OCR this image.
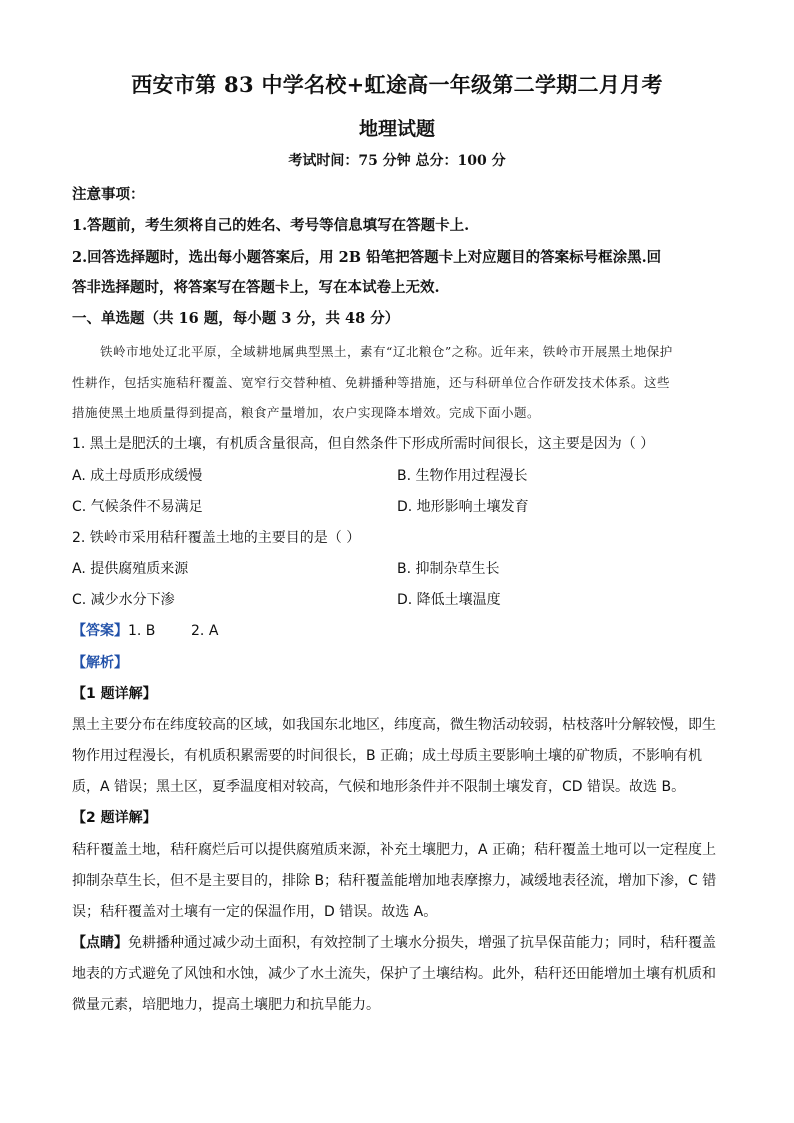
西安市第 83 中学名校+虹途高一年级第二学期二月月考
地理试题
考试时间：75 分钟 总分：100 分
注意事项：
1.答题前，考生须将自己的姓名、考号等信息填写在答题卡上.
2.回答选择题时，选出每小题答案后，用 2B 铅笔把答题卡上对应题目的答案标号框涂黑.回
答非选择题时，将答案写在答题卡上，写在本试卷上无效.
一、单选题（共 16 题，每小题 3 分，共 48 分）
铁岭市地处辽北平原，全域耕地属典型黑土，素有“辽北粮仓”之称。近年来，铁岭市开展黑土地保护
性耕作，包括实施秸秆覆盖、宽窄行交替种植、免耕播种等措施，还与科研单位合作研发技术体系。这些
措施使黑土地质量得到提高，粮食产量增加，农户实现降本增效。完成下面小题。
1. 黑土是肥沃的土壤，有机质含量很高，但自然条件下形成所需时间很长，这主要是因为（ ）
A. 成土母质形成缓慢	B. 生物作用过程漫长
C. 气候条件不易满足	D. 地形影响土壤发育
2. 铁岭市采用秸秆覆盖土地的主要目的是（ ）
A. 提供腐殖质来源	B. 抑制杂草生长
C. 减少水分下渗	D. 降低土壤温度
【答案】1. B        2. A
【解析】
【1 题详解】
黑土主要分布在纬度较高的区域，如我国东北地区，纬度高，微生物活动较弱，枯枝落叶分解较慢，即生
物作用过程漫长，有机质积累需要的时间很长，B 正确；成土母质主要影响土壤的矿物质，不影响有机
质，A 错误；黑土区，夏季温度相对较高，气候和地形条件并不限制土壤发育，CD 错误。故选 B。
【2 题详解】
秸秆覆盖土地，秸秆腐烂后可以提供腐殖质来源，补充土壤肥力，A 正确；秸秆覆盖土地可以一定程度上
抑制杂草生长，但不是主要目的，排除 B；秸秆覆盖能增加地表摩擦力，减缓地表径流，增加下渗，C 错
误；秸秆覆盖对土壤有一定的保温作用，D 错误。故选 A。
【点睛】免耕播种通过减少动土面积，有效控制了土壤水分损失，增强了抗旱保苗能力；同时，秸秆覆盖
地表的方式避免了风蚀和水蚀，减少了水土流失，保护了土壤结构。此外，秸秆还田能增加土壤有机质和
微量元素，培肥地力，提高土壤肥力和抗旱能力。
